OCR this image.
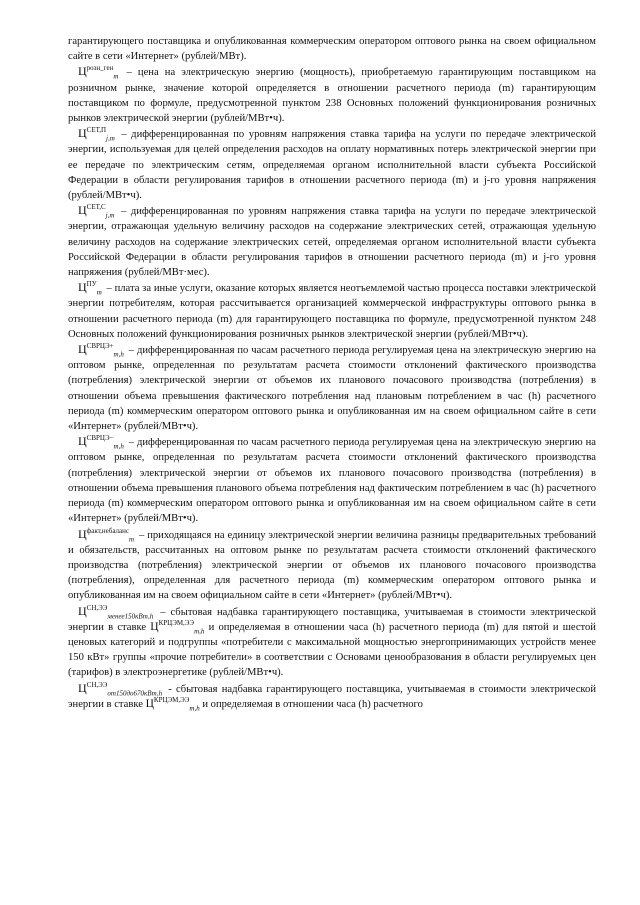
гарантирующего поставщика и опубликованная коммерческим оператором оптового рынка на своем официальном сайте в сети «Интернет» (рублей/МВт).

$Ц^{розн\_ген}_m$ – цена на электрическую энергию (мощность), приобретаемую гарантирующим поставщиком на розничном рынке, значение которой определяется в отношении расчетного периода (m) гарантирующим поставщиком по формуле, предусмотренной пунктом 238 Основных положений функционирования розничных рынков электрической энергии (рублей/МВт•ч).

$Ц^{СЕТ,П}_{j,m}$ – дифференцированная по уровням напряжения ставка тарифа на услуги по передаче электрической энергии, используемая для целей определения расходов на оплату нормативных потерь электрической энергии при ее передаче по электрическим сетям, определяемая органом исполнительной власти субъекта Российской Федерации в области регулирования тарифов в отношении расчетного периода (m) и j-го уровня напряжения (рублей/МВт•ч).

$Ц^{СЕТ,С}_{j,m}$ – дифференцированная по уровням напряжения ставка тарифа на услуги по передаче электрической энергии, отражающая удельную величину расходов на содержание электрических сетей, отражающая удельную величину расходов на содержание электрических сетей, определяемая органом исполнительной власти субъекта Российской Федерации в области регулирования тарифов в отношении расчетного периода (m) и j-го уровня напряжения (рублей/МВт·мес).

$Ц^{ПУ}_m$ – плата за иные услуги, оказание которых является неотъемлемой частью процесса поставки электрической энергии потребителям, которая рассчитывается организацией коммерческой инфраструктуры оптового рынка в отношении расчетного периода (m) для гарантирующего поставщика по формуле, предусмотренной пунктом 248 Основных положений функционирования розничных рынков электрической энергии (рублей/МВт•ч).

$Ц^{СВРЦЭ+}_{m,h}$ – дифференцированная по часам расчетного периода регулируемая цена на электрическую энергию на оптовом рынке, определенная по результатам расчета стоимости отклонений фактического производства (потребления) электрической энергии от объемов их планового почасового производства (потребления) в отношении объема превышения фактического потребления над плановым потреблением в час (h) расчетного периода (m) коммерческим оператором оптового рынка и опубликованная им на своем официальном сайте в сети «Интернет» (рублей/МВт•ч).

$Ц^{СВРЦЭ-}_{m,h}$ – дифференцированная по часам расчетного периода регулируемая цена на электрическую энергию на оптовом рынке, определенная по результатам расчета стоимости отклонений фактического производства (потребления) электрической энергии от объемов их планового почасового производства (потребления) в отношении объема превышения планового объема потребления над фактическим потреблением в час (h) расчетного периода (m) коммерческим оператором оптового рынка и опубликованная им на своем официальном сайте в сети «Интернет» (рублей/МВт•ч).

$Ц^{факт,небаланс}_m$ – приходящаяся на единицу электрической энергии величина разницы предварительных требований и обязательств, рассчитанных на оптовом рынке по результатам расчета стоимости отклонений фактического производства (потребления) электрической энергии от объемов их планового почасового производства (потребления), определенная для расчетного периода (m) коммерческим оператором оптового рынка и опубликованная им на своем официальном сайте в сети «Интернет» (рублей/МВт•ч).

$Ц^{СН,ЭЭ}_{менее150кВт,h}$ – сбытовая надбавка гарантирующего поставщика, учитываемая в стоимости электрической энергии в ставке $Ц^{КРЦЭМ,ЭЭ}_{m,h}$ и определяемая в отношении часа (h) расчетного периода (m) для пятой и шестой ценовых категорий и подгруппы «потребители с максимальной мощностью энергопринимающих устройств менее 150 кВт» группы «прочие потребители» в соответствии с Основами ценообразования в области регулируемых цен (тарифов) в электроэнергетике (рублей/МВт•ч).

$Ц^{СН,ЭЭ}_{от150до670кВт,h}$ - сбытовая надбавка гарантирующего поставщика, учитываемая в стоимости электрической энергии в ставке $Ц^{КРЦЭМ,ЭЭ}_{m,h}$ и определяемая в отношении часа (h) расчетного
